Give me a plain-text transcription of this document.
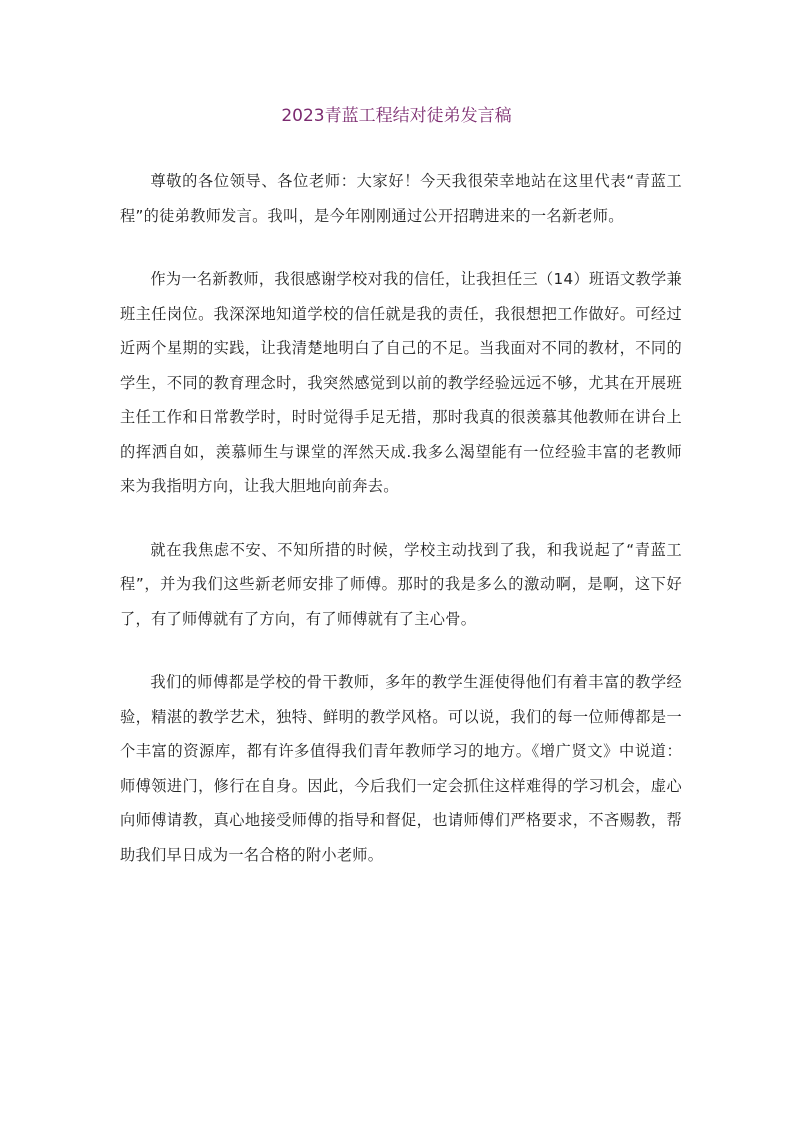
2023青蓝工程结对徒弟发言稿

尊敬的各位领导、各位老师：大家好！今天我很荣幸地站在这里代表“青蓝工程”的徒弟教师发言。我叫，是今年刚刚通过公开招聘进来的一名新老师。

作为一名新教师，我很感谢学校对我的信任，让我担任三（14）班语文教学兼班主任岗位。我深深地知道学校的信任就是我的责任，我很想把工作做好。可经过近两个星期的实践，让我清楚地明白了自己的不足。当我面对不同的教材，不同的学生，不同的教育理念时，我突然感觉到以前的教学经验远远不够，尤其在开展班主任工作和日常教学时，时时觉得手足无措，那时我真的很羡慕其他教师在讲台上的挥洒自如，羡慕师生与课堂的浑然天成.我多么渴望能有一位经验丰富的老教师来为我指明方向，让我大胆地向前奔去。

就在我焦虑不安、不知所措的时候，学校主动找到了我，和我说起了“青蓝工程”，并为我们这些新老师安排了师傅。那时的我是多么的激动啊，是啊，这下好了，有了师傅就有了方向，有了师傅就有了主心骨。

我们的师傅都是学校的骨干教师，多年的教学生涯使得他们有着丰富的教学经验，精湛的教学艺术，独特、鲜明的教学风格。可以说，我们的每一位师傅都是一个丰富的资源库，都有许多值得我们青年教师学习的地方。《增广贤文》中说道：师傅领进门，修行在自身。因此，今后我们一定会抓住这样难得的学习机会，虚心向师傅请教，真心地接受师傅的指导和督促，也请师傅们严格要求，不吝赐教，帮助我们早日成为一名合格的附小老师。
